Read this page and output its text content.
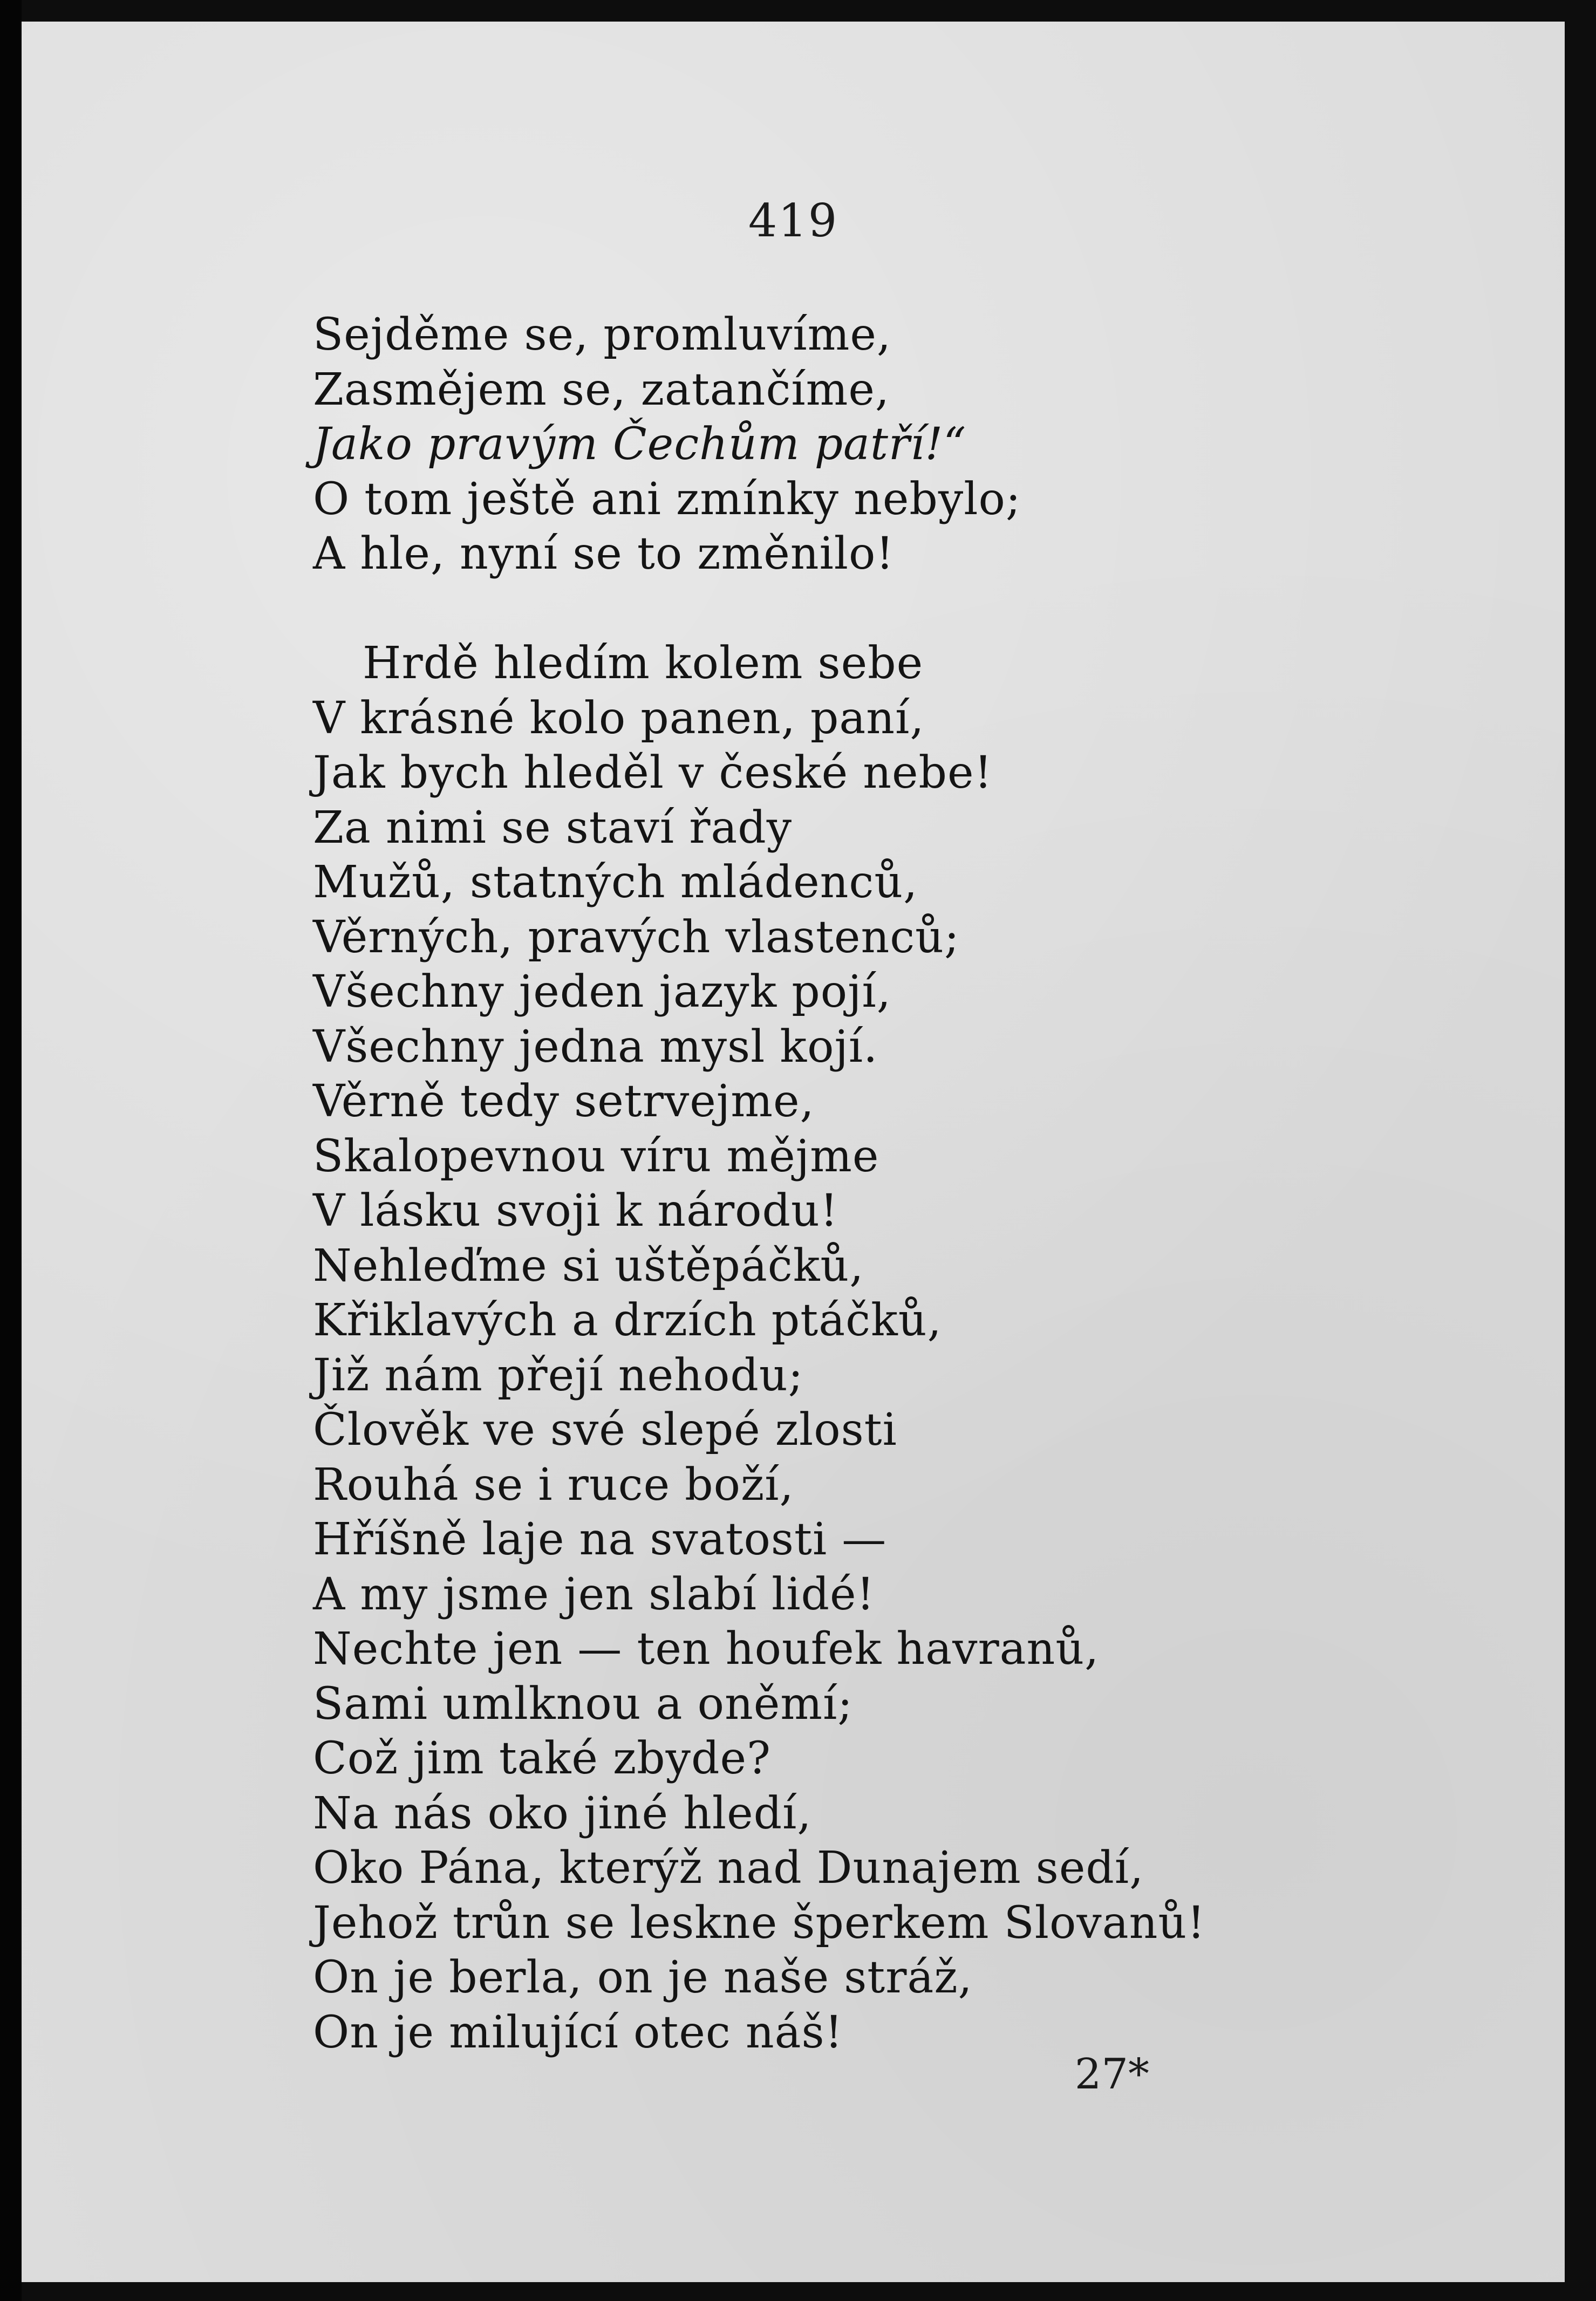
419
Sejděme se, promluvíme,
Zasmějem se, zatančíme,
Jako pravým Čechům patří!“
O tom ještě ani zmínky nebylo;
A hle, nyní se to změnilo!
Hrdě hledím kolem sebe
V krásné kolo panen, paní,
Jak bych hleděl v české nebe!
Za nimi se staví řady
Mužů, statných mládenců,
Věrných, pravých vlastenců;
Všechny jeden jazyk pojí,
Všechny jedna mysl kojí.
Věrně tedy setrvejme,
Skalopevnou víru mějme
V lásku svoji k národu!
Nehleďme si uštěpáčků,
Křiklavých a drzích ptáčků,
Již nám přejí nehodu;
Člověk ve své slepé zlosti
Rouhá se i ruce boží,
Hříšně laje na svatosti —
A my jsme jen slabí lidé!
Nechte jen — ten houfek havranů,
Sami umlknou a oněmí;
Což jim také zbyde?
Na nás oko jiné hledí,
Oko Pána, kterýž nad Dunajem sedí,
Jehož trůn se leskne šperkem Slovanů!
On je berla, on je naše stráž,
On je milující otec náš!
27*
